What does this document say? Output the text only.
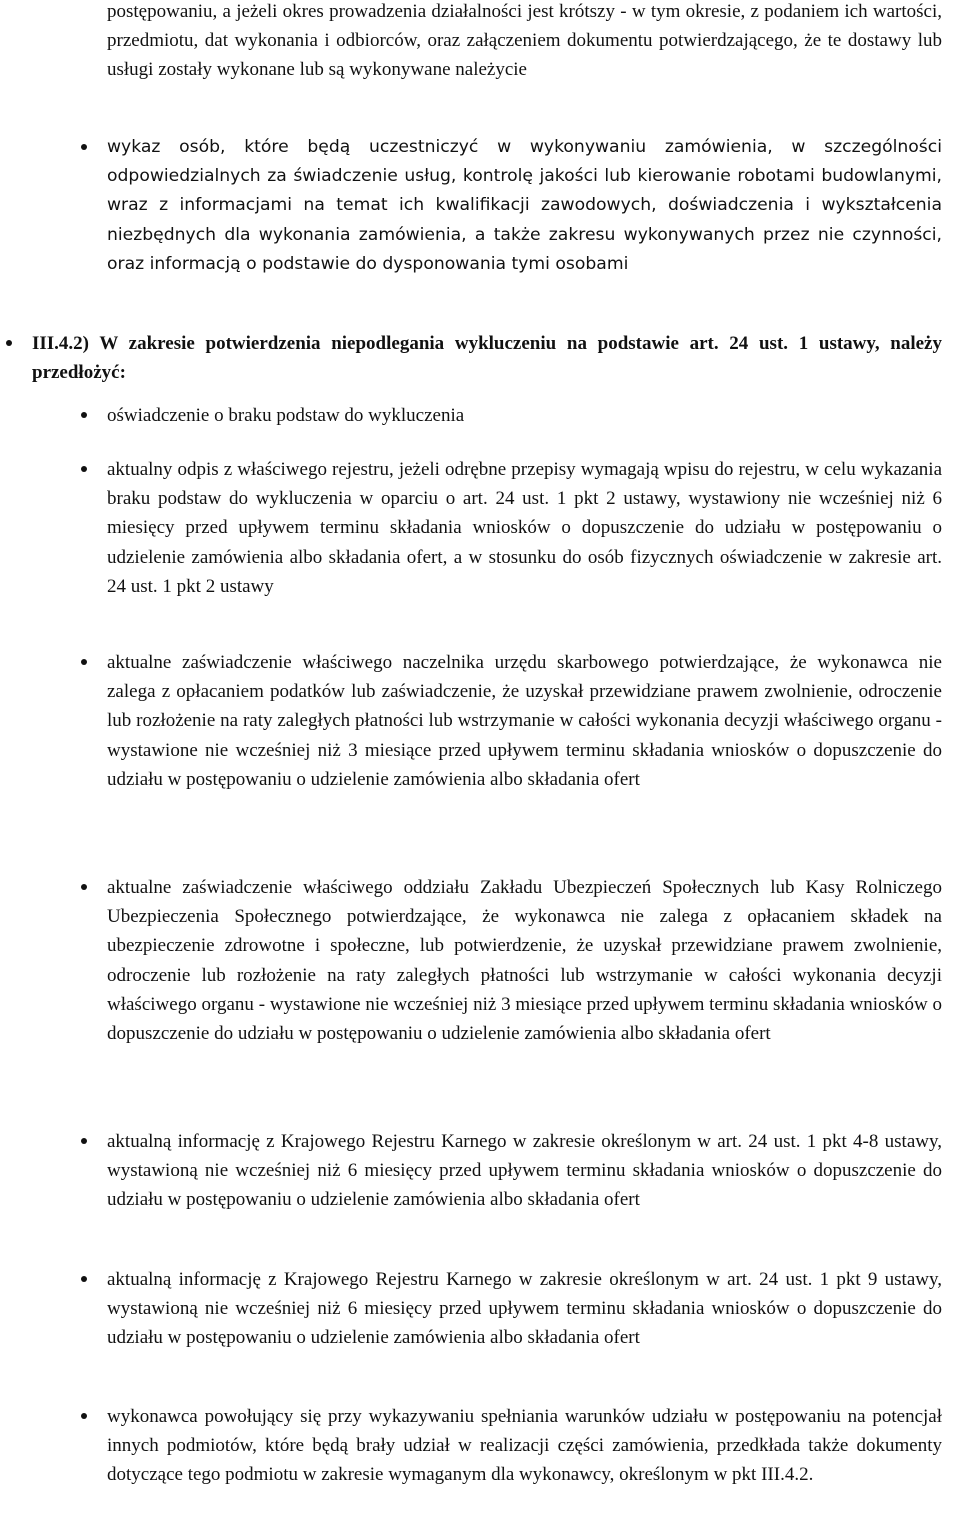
postępowaniu, a jeżeli okres prowadzenia działalności jest krótszy - w tym okresie, z podaniem ich wartości, przedmiotu, dat wykonania i odbiorców, oraz załączeniem dokumentu potwierdzającego, że te dostawy lub usługi zostały wykonane lub są wykonywane należycie

wykaz osób, które będą uczestniczyć w wykonywaniu zamówienia, w szczególności odpowiedzialnych za świadczenie usług, kontrolę jakości lub kierowanie robotami budowlanymi, wraz z informacjami na temat ich kwalifikacji zawodowych, doświadczenia i wykształcenia niezbędnych dla wykonania zamówienia, a także zakresu wykonywanych przez nie czynności, oraz informacją o podstawie do dysponowania tymi osobami

III.4.2) W zakresie potwierdzenia niepodlegania wykluczeniu na podstawie art. 24 ust. 1 ustawy, należy przedłożyć:

oświadczenie o braku podstaw do wykluczenia

aktualny odpis z właściwego rejestru, jeżeli odrębne przepisy wymagają wpisu do rejestru, w celu wykazania braku podstaw do wykluczenia w oparciu o art. 24 ust. 1 pkt 2 ustawy, wystawiony nie wcześniej niż 6 miesięcy przed upływem terminu składania wniosków o dopuszczenie do udziału w postępowaniu o udzielenie zamówienia albo składania ofert, a w stosunku do osób fizycznych oświadczenie w zakresie art. 24 ust. 1 pkt 2 ustawy

aktualne zaświadczenie właściwego naczelnika urzędu skarbowego potwierdzające, że wykonawca nie zalega z opłacaniem podatków lub zaświadczenie, że uzyskał przewidziane prawem zwolnienie, odroczenie lub rozłożenie na raty zaległych płatności lub wstrzymanie w całości wykonania decyzji właściwego organu - wystawione nie wcześniej niż 3 miesiące przed upływem terminu składania wniosków o dopuszczenie do udziału w postępowaniu o udzielenie zamówienia albo składania ofert

aktualne zaświadczenie właściwego oddziału Zakładu Ubezpieczeń Społecznych lub Kasy Rolniczego Ubezpieczenia Społecznego potwierdzające, że wykonawca nie zalega z opłacaniem składek na ubezpieczenie zdrowotne i społeczne, lub potwierdzenie, że uzyskał przewidziane prawem zwolnienie, odroczenie lub rozłożenie na raty zaległych płatności lub wstrzymanie w całości wykonania decyzji właściwego organu - wystawione nie wcześniej niż 3 miesiące przed upływem terminu składania wniosków o dopuszczenie do udziału w postępowaniu o udzielenie zamówienia albo składania ofert

aktualną informację z Krajowego Rejestru Karnego w zakresie określonym w art. 24 ust. 1 pkt 4-8 ustawy, wystawioną nie wcześniej niż 6 miesięcy przed upływem terminu składania wniosków o dopuszczenie do udziału w postępowaniu o udzielenie zamówienia albo składania ofert

aktualną informację z Krajowego Rejestru Karnego w zakresie określonym w art. 24 ust. 1 pkt 9 ustawy, wystawioną nie wcześniej niż 6 miesięcy przed upływem terminu składania wniosków o dopuszczenie do udziału w postępowaniu o udzielenie zamówienia albo składania ofert

wykonawca powołujący się przy wykazywaniu spełniania warunków udziału w postępowaniu na potencjał innych podmiotów, które będą brały udział w realizacji części zamówienia, przedkłada także dokumenty dotyczące tego podmiotu w zakresie wymaganym dla wykonawcy, określonym w pkt III.4.2.
